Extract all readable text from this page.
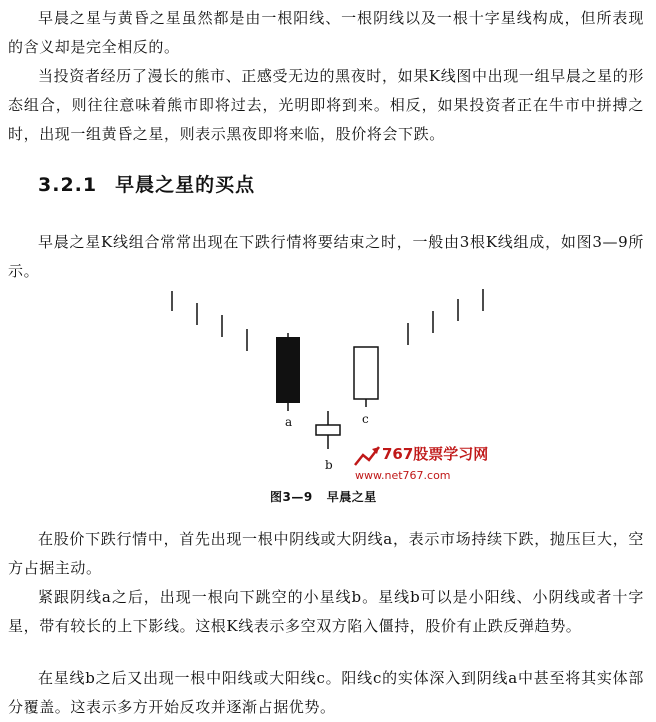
早晨之星与黄昏之星虽然都是由一根阳线、一根阴线以及一根十字星线构成，但所表现的含义却是完全相反的。

当投资者经历了漫长的熊市、正感受无边的黑夜时，如果K线图中出现一组早晨之星的形态组合，则往往意味着熊市即将过去，光明即将到来。相反，如果投资者正在牛市中拼搏之时，出现一组黄昏之星，则表示黑夜即将来临，股价将会下跌。

3.2.1 早晨之星的买点

早晨之星K线组合常常出现在下跌行情将要结束之时，一般由3根K线组成，如图3—9所示。

a
b
c
767股票学习网
www.net767.com
图3—9 早晨之星

在股价下跌行情中，首先出现一根中阴线或大阴线a，表示市场持续下跌，抛压巨大，空方占据主动。

紧跟阴线a之后，出现一根向下跳空的小星线b。星线b可以是小阳线、小阴线或者十字星，带有较长的上下影线。这根K线表示多空双方陷入僵持，股价有止跌反弹趋势。

在星线b之后又出现一根中阳线或大阳线c。阳线c的实体深入到阴线a中甚至将其实体部分覆盖。这表示多方开始反攻并逐渐占据优势。
